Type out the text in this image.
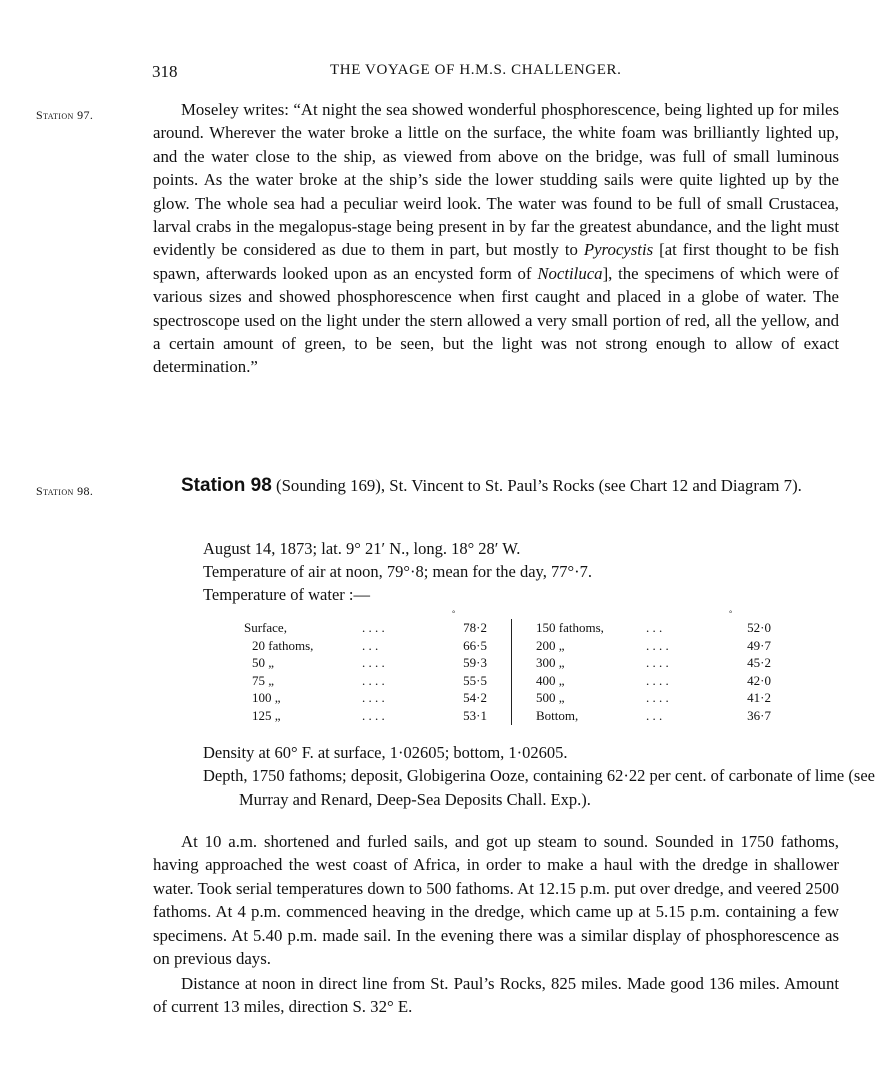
318	THE VOYAGE OF H.M.S. CHALLENGER.
Station 97.	Moseley writes: “At night the sea showed wonderful phosphorescence, being lighted up for miles around. Wherever the water broke a little on the surface, the white foam was brilliantly lighted up, and the water close to the ship, as viewed from above on the bridge, was full of small luminous points. As the water broke at the ship’s side the lower studding sails were quite lighted up by the glow. The whole sea had a peculiar weird look. The water was found to be full of small Crustacea, larval crabs in the megalopus-stage being present in by far the greatest abundance, and the light must evidently be considered as due to them in part, but mostly to Pyrocystis [at first thought to be fish spawn, afterwards looked upon as an encysted form of Noctiluca], the specimens of which were of various sizes and showed phosphorescence when first caught and placed in a globe of water. The spectroscope used on the light under the stern allowed a very small portion of red, all the yellow, and a certain amount of green, to be seen, but the light was not strong enough to allow of exact determination.”
Station 98.	Station 98 (Sounding 169), St. Vincent to St. Paul’s Rocks (see Chart 12 and Diagram 7).
August 14, 1873; lat. 9° 21′ N., long. 18° 28′ W.
Temperature of air at noon, 79°·8; mean for the day, 77°·7.
Temperature of water :—
°	°
Surface,	. . . .	78·2	150 fathoms,	. . .	52·0
20 fathoms,	. . .	66·5	200 „	. . . .	49·7
50 „	. . . .	59·3	300 „	. . . .	45·2
75 „	. . . .	55·5	400 „	. . . .	42·0
100 „	. . . .	54·2	500 „	. . . .	41·2
125 „	. . . .	53·1	Bottom,	. . .	36·7
Density at 60° F. at surface, 1·02605; bottom, 1·02605.
Depth, 1750 fathoms; deposit, Globigerina Ooze, containing 62·22 per cent. of carbonate of lime (see Murray and Renard, Deep-Sea Deposits Chall. Exp.).
At 10 a.m. shortened and furled sails, and got up steam to sound. Sounded in 1750 fathoms, having approached the west coast of Africa, in order to make a haul with the dredge in shallower water. Took serial temperatures down to 500 fathoms. At 12.15 p.m. put over dredge, and veered 2500 fathoms. At 4 p.m. commenced heaving in the dredge, which came up at 5.15 p.m. containing a few specimens. At 5.40 p.m. made sail. In the evening there was a similar display of phosphorescence as on previous days.
Distance at noon in direct line from St. Paul’s Rocks, 825 miles. Made good 136 miles. Amount of current 13 miles, direction S. 32° E.
